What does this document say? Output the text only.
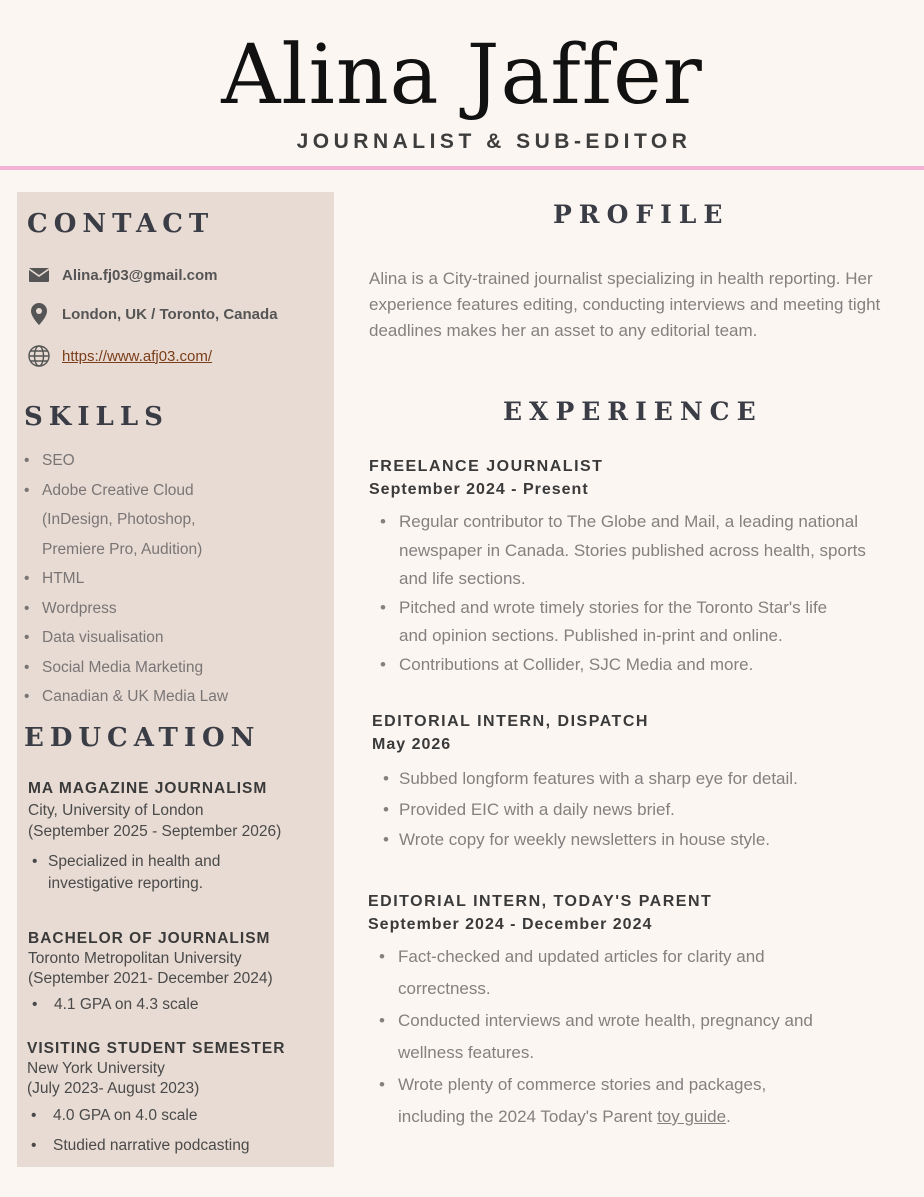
Alina Jaffer
JOURNALIST & SUB-EDITOR
CONTACT
Alina.fj03@gmail.com
London, UK / Toronto, Canada
https://www.afj03.com/
SKILLS
• SEO
• Adobe Creative Cloud
(InDesign, Photoshop,
Premiere Pro, Audition)
• HTML
• Wordpress
• Data visualisation
• Social Media Marketing
• Canadian & UK Media Law
EDUCATION
MA MAGAZINE JOURNALISM
City, University of London
(September 2025 - September 2026)
• Specialized in health and investigative reporting.
BACHELOR OF JOURNALISM
Toronto Metropolitan University
(September 2021- December 2024)
• 4.1 GPA on 4.3 scale
VISITING STUDENT SEMESTER
New York University
(July 2023- August 2023)
• 4.0 GPA on 4.0 scale
• Studied narrative podcasting
PROFILE
Alina is a City-trained journalist specializing in health reporting. Her experience features editing, conducting interviews and meeting tight deadlines makes her an asset to any editorial team.
EXPERIENCE
FREELANCE JOURNALIST
September 2024 - Present
• Regular contributor to The Globe and Mail, a leading national newspaper in Canada. Stories published across health, sports and life sections.
• Pitched and wrote timely stories for the Toronto Star's life and opinion sections. Published in-print and online.
• Contributions at Collider, SJC Media and more.
EDITORIAL INTERN, DISPATCH
May 2026
• Subbed longform features with a sharp eye for detail.
• Provided EIC with a daily news brief.
• Wrote copy for weekly newsletters in house style.
EDITORIAL INTERN, TODAY'S PARENT
September 2024 - December 2024
• Fact-checked and updated articles for clarity and correctness.
• Conducted interviews and wrote health, pregnancy and wellness features.
• Wrote plenty of commerce stories and packages, including the 2024 Today's Parent toy guide.
